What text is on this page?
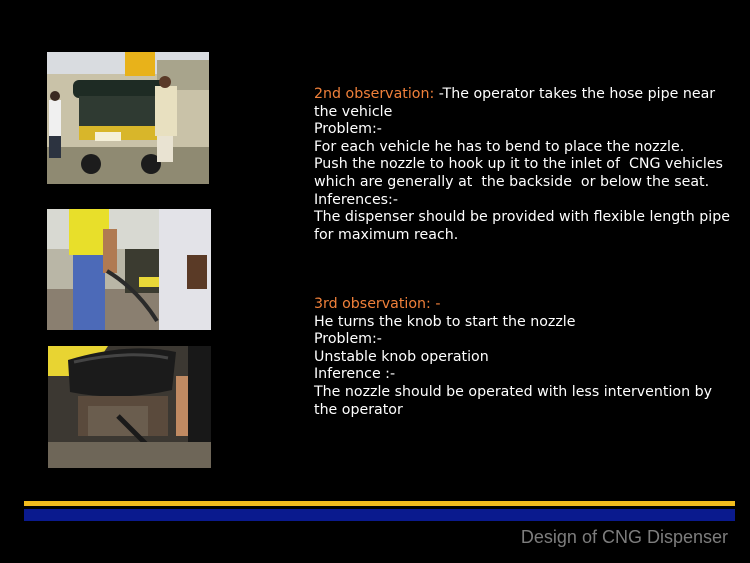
2nd observation: -The operator takes the hose pipe near the vehicle

Problem:-

For each vehicle he has to bend to place the nozzle.

Push the nozzle to hook up it to the inlet of  CNG vehicles which are generally at  the backside  or below the seat.

Inferences:-

The dispenser should be provided with flexible length pipe for maximum reach.

3rd observation: -

He turns the knob to start the nozzle

Problem:-

Unstable knob operation

Inference :-

The nozzle should be operated with less intervention by the operator

Design of CNG Dispenser
